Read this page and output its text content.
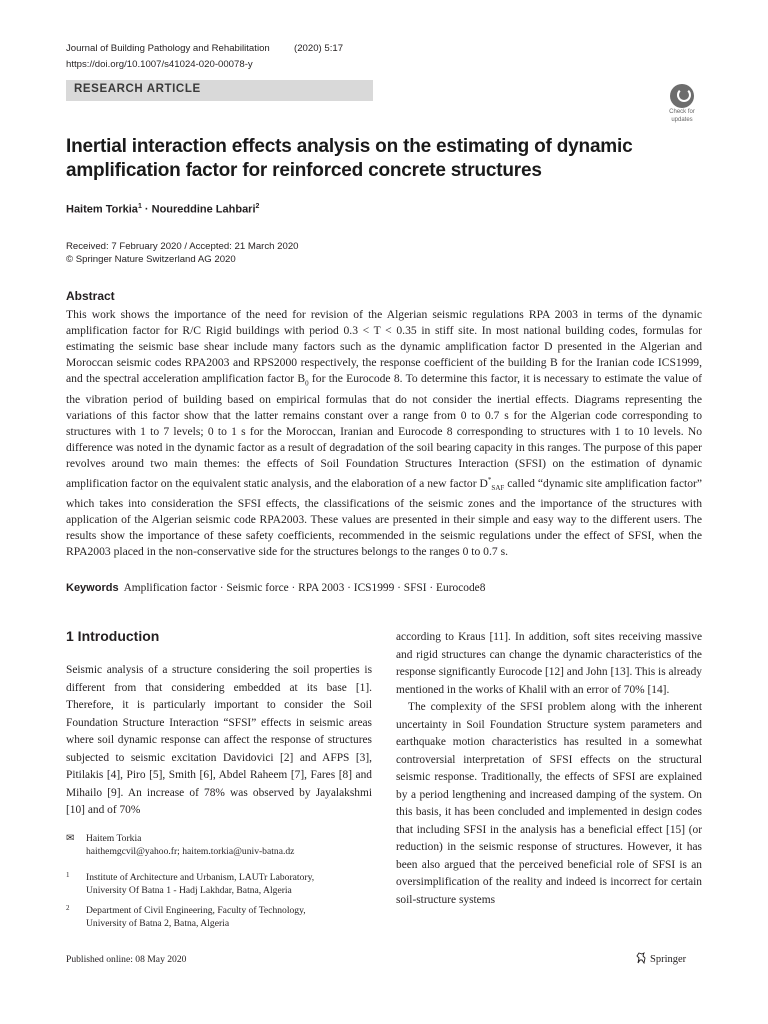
Journal of Building Pathology and Rehabilitation	(2020) 5:17
https://doi.org/10.1007/s41024-020-00078-y
RESEARCH ARTICLE
Check for
updates
Inertial interaction effects analysis on the estimating of dynamic amplification factor for reinforced concrete structures
Haitem Torkia$^1$ · Noureddine Lahbari$^2$
Received: 7 February 2020 / Accepted: 21 March 2020
© Springer Nature Switzerland AG 2020
Abstract
This work shows the importance of the need for revision of the Algerian seismic regulations RPA 2003 in terms of the dynamic amplification factor for R/C Rigid buildings with period 0.3 < T < 0.35 in stiff site. In most national building codes, formulas for estimating the seismic base shear include many factors such as the dynamic amplification factor D presented in the Algerian and Moroccan seismic codes RPA2003 and RPS2000 respectively, the response coefficient of the building B for the Iranian code ICS1999, and the spectral acceleration amplification factor $B_0$ for the Eurocode 8. To determine this factor, it is necessary to estimate the value of the vibration period of building based on empirical formulas that do not consider the inertial effects. Diagrams representing the variations of this factor show that the latter remains constant over a range from 0 to 0.7 s for the Algerian code corresponding to structures with 1 to 7 levels; 0 to 1 s for the Moroccan, Iranian and Eurocode 8 corresponding to structures with 1 to 10 levels. No difference was noted in the dynamic factor as a result of degradation of the soil bearing capacity in this ranges. The purpose of this paper revolves around two main themes: the effects of Soil Foundation Structures Interaction (SFSI) on the estimation of dynamic amplification factor on the equivalent static analysis, and the elaboration of a new factor $D^*_{SAF}$ called “dynamic site amplification factor” which takes into consideration the SFSI effects, the classifications of the seismic zones and the importance of the structures with application of the Algerian seismic code RPA2003. These values are presented in their simple and easy way to the different users. The results show the importance of these safety coefficients, recommended in the seismic regulations under the effect of SFSI, when the RPA2003 placed in the non-conservative side for the structures belongs to the ranges 0 to 0.7 s.
Keywords Amplification factor · Seismic force · RPA 2003 · ICS1999 · SFSI · Eurocode8
1 Introduction

Seismic analysis of a structure considering the soil properties is different from that considering embedded at its base [1]. Therefore, it is particularly important to consider the Soil Foundation Structure Interaction “SFSI” effects in seismic areas where soil dynamic response can affect the response of structures subjected to seismic excitation Davidovici [2] and AFPS [3], Pitilakis [4], Piro [5], Smith [6], Abdel Raheem [7], Fares [8] and Mihailo [9]. An increase of 78% was observed by Jayalakshmi [10] and of 70%

according to Kraus [11]. In addition, soft sites receiving massive and rigid structures can change the dynamic characteristics of the response significantly Eurocode [12] and John [13]. This is already mentioned in the works of Khalil with an error of 70% [14].

The complexity of the SFSI problem along with the inherent uncertainty in Soil Foundation Structure system parameters and earthquake motion characteristics has resulted in a somewhat controversial interpretation of SFSI effects on the structural seismic response. Traditionally, the effects of SFSI are explained by a period lengthening and increased damping of the system. On this basis, it has been concluded and implemented in design codes that including SFSI in the analysis has a beneficial effect [15] (or reduction) in the seismic response of structures. However, it has been also argued that the perceived beneficial role of SFSI is an oversimplification of the reality and indeed is incorrect for certain soil-structure systems

✉ Haitem Torkia
haithemgcvil@yahoo.fr; haitem.torkia@univ-batna.dz
1 Institute of Architecture and Urbanism, LAUTr Laboratory,
University Of Batna 1 - Hadj Lakhdar, Batna, Algeria
2 Department of Civil Engineering, Faculty of Technology,
University of Batna 2, Batna, Algeria
Published online: 08 May 2020	Springer
